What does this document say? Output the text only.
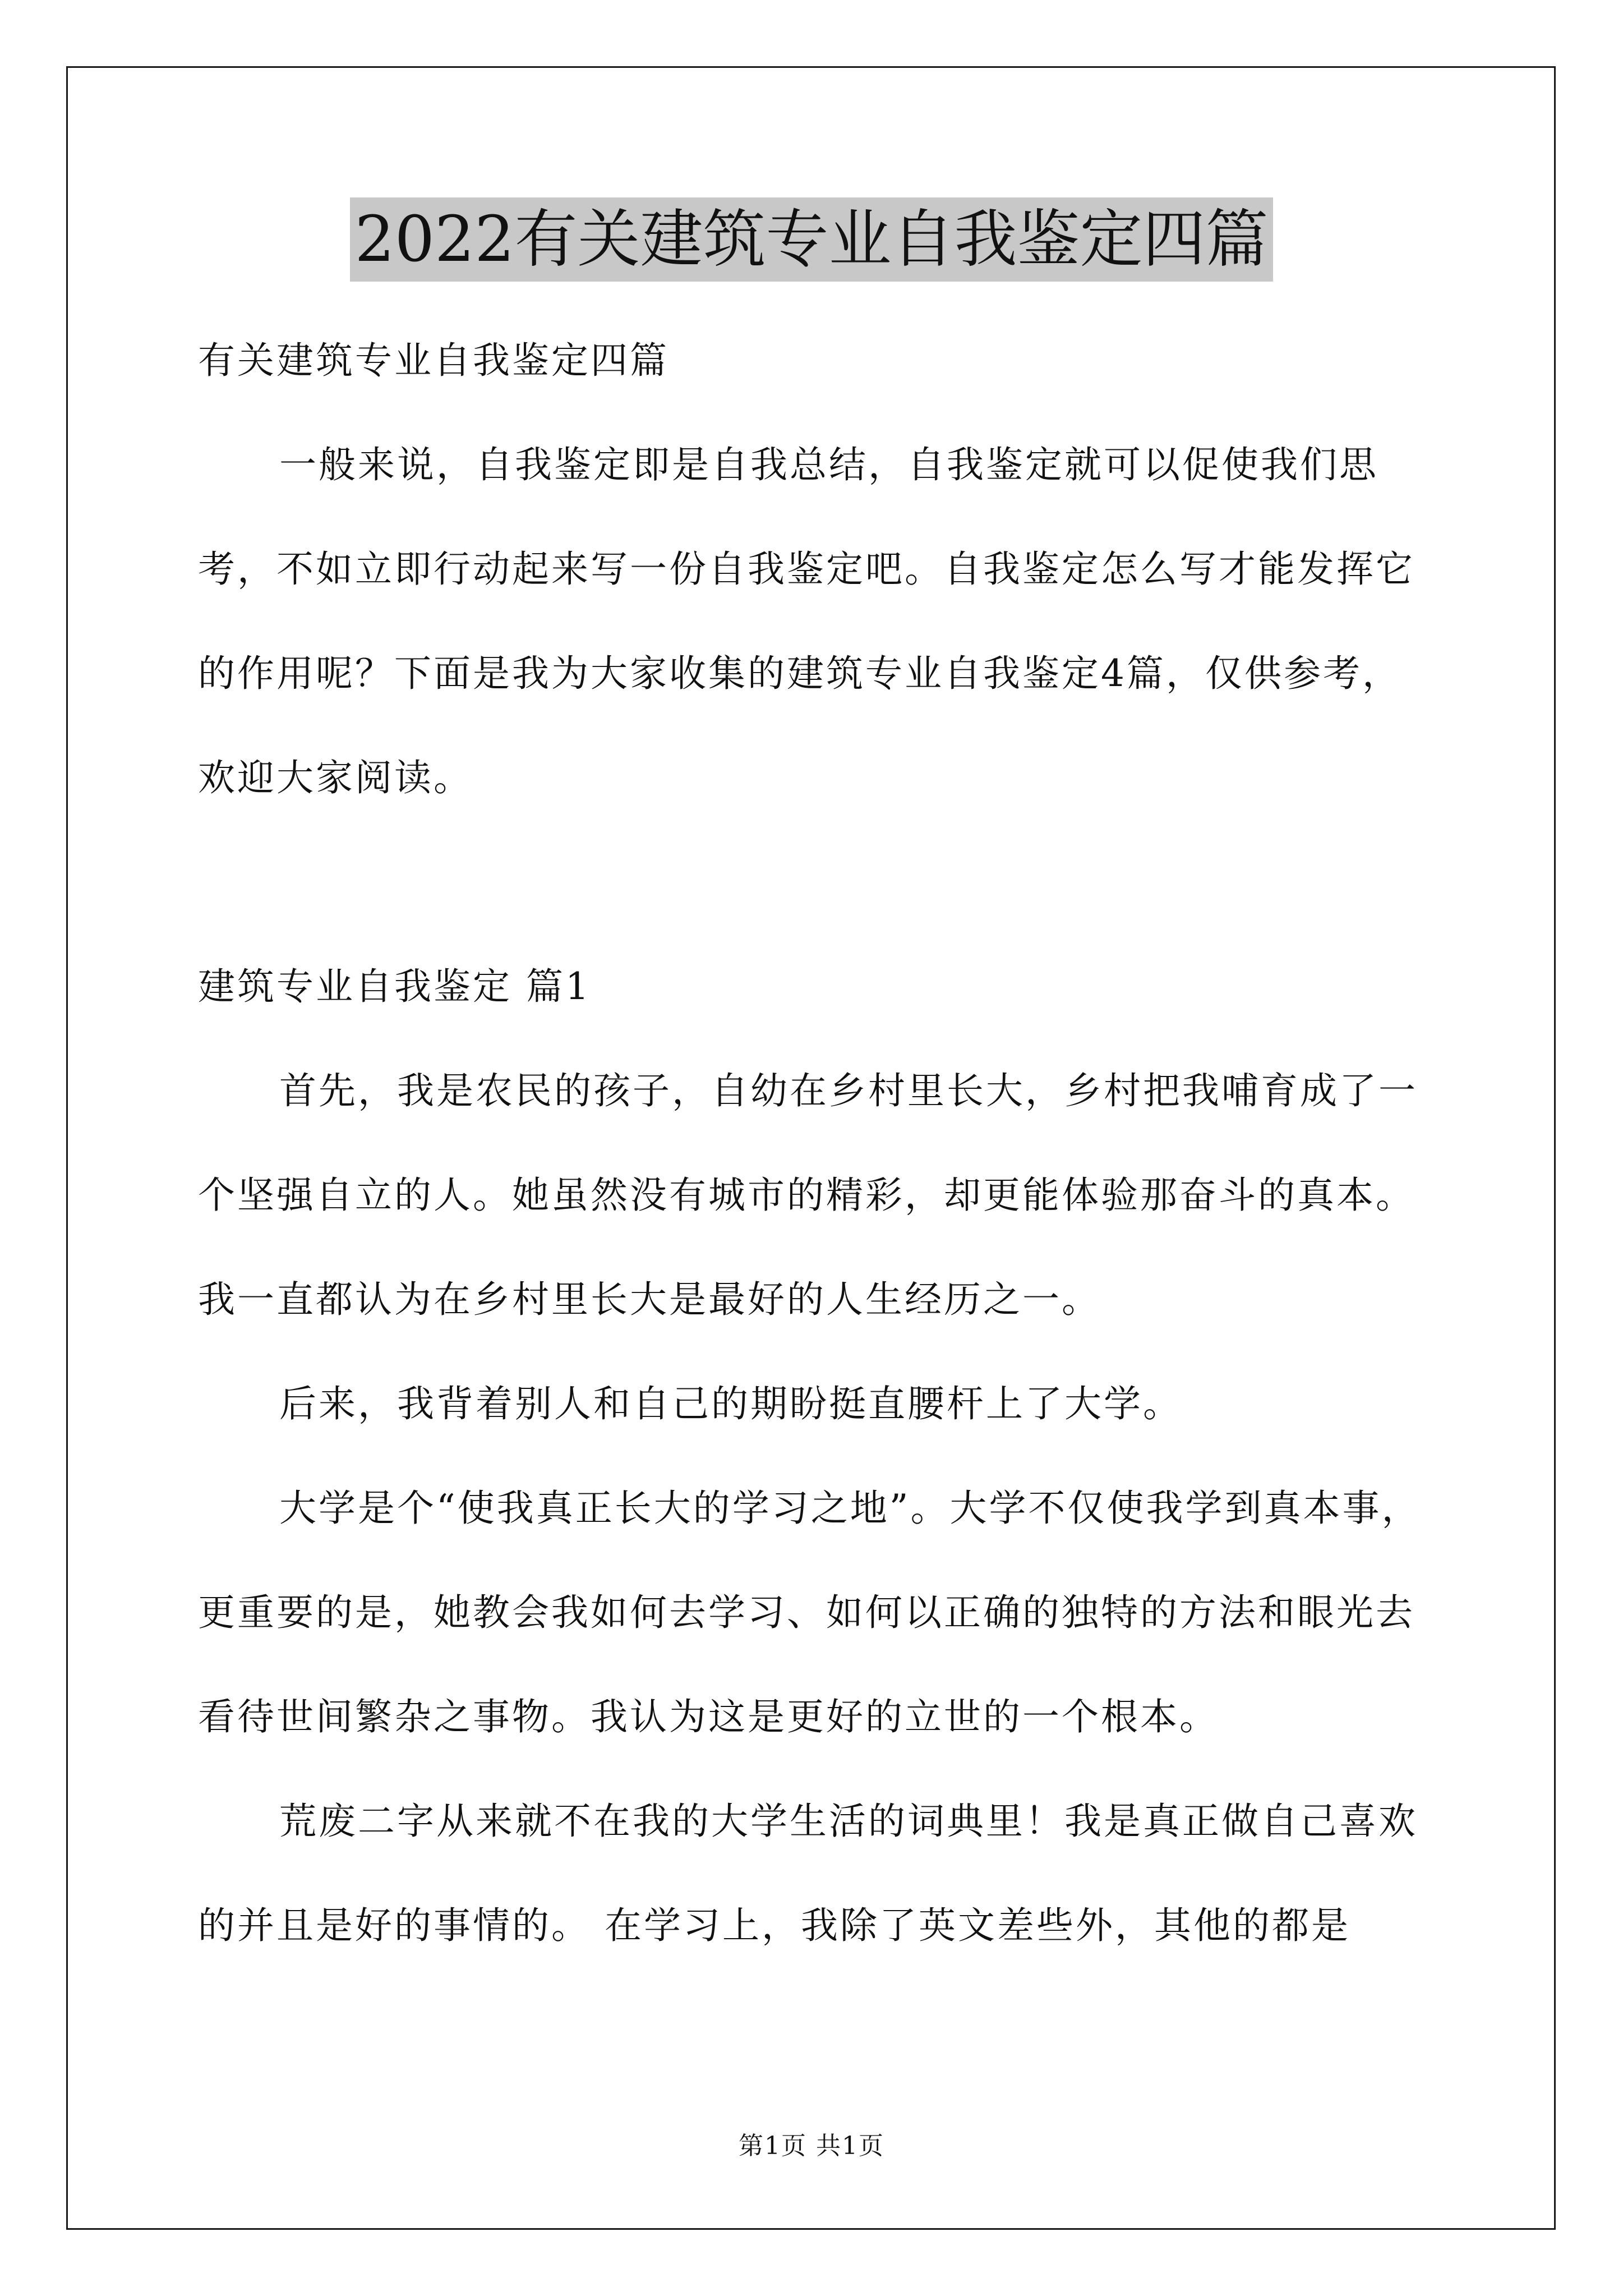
2022有关建筑专业自我鉴定四篇

有关建筑专业自我鉴定四篇

一般来说，自我鉴定即是自我总结，自我鉴定就可以促使我们思考，不如立即行动起来写一份自我鉴定吧。自我鉴定怎么写才能发挥它的作用呢？下面是我为大家收集的建筑专业自我鉴定4篇，仅供参考，欢迎大家阅读。

建筑专业自我鉴定 篇1

首先，我是农民的孩子，自幼在乡村里长大，乡村把我哺育成了一个坚强自立的人。她虽然没有城市的精彩，却更能体验那奋斗的真本。我一直都认为在乡村里长大是最好的人生经历之一。

后来，我背着别人和自己的期盼挺直腰杆上了大学。

大学是个“使我真正长大的学习之地”。大学不仅使我学到真本事，更重要的是，她教会我如何去学习、如何以正确的独特的方法和眼光去看待世间繁杂之事物。我认为这是更好的立世的一个根本。

荒废二字从来就不在我的大学生活的词典里！我是真正做自己喜欢的并且是好的事情的。 在学习上，我除了英文差些外，其他的都是

第1页 共1页
